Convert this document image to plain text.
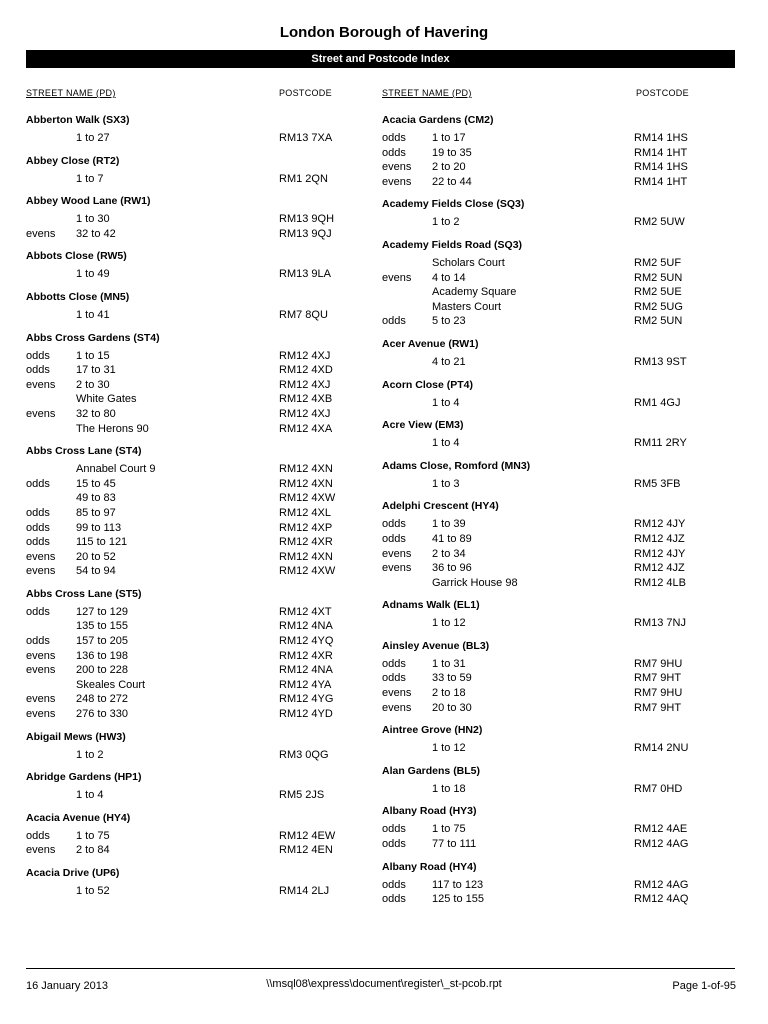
London Borough of Havering
Street and Postcode Index
STREET NAME (PD)	POSTCODE
Abberton Walk (SX3)
1 to 27	RM13 7XA
Abbey Close (RT2)
1 to 7	RM1 2QN
Abbey Wood Lane (RW1)
1 to 30	RM13 9QH
evens 32 to 42	RM13 9QJ
Abbots Close (RW5)
1 to 49	RM13 9LA
Abbotts Close (MN5)
1 to 41	RM7 8QU
Abbs Cross Gardens (ST4)
odds 1 to 15	RM12 4XJ
odds 17 to 31	RM12 4XD
evens 2 to 30	RM12 4XJ
White Gates	RM12 4XB
evens 32 to 80	RM12 4XJ
The Herons 90	RM12 4XA
Abbs Cross Lane (ST4)
Annabel Court 9	RM12 4XN
odds 15 to 45	RM12 4XN
49 to 83	RM12 4XW
odds 85 to 97	RM12 4XL
odds 99 to 113	RM12 4XP
odds 115 to 121	RM12 4XR
evens 20 to 52	RM12 4XN
evens 54 to 94	RM12 4XW
Abbs Cross Lane (ST5)
odds 127 to 129	RM12 4XT
135 to 155	RM12 4NA
odds 157 to 205	RM12 4YQ
evens 136 to 198	RM12 4XR
evens 200 to 228	RM12 4NA
Skeales Court	RM12 4YA
evens 248 to 272	RM12 4YG
evens 276 to 330	RM12 4YD
Abigail Mews (HW3)
1 to 2	RM3 0QG
Abridge Gardens (HP1)
1 to 4	RM5 2JS
Acacia Avenue (HY4)
odds 1 to 75	RM12 4EW
evens 2 to 84	RM12 4EN
Acacia Drive (UP6)
1 to 52	RM14 2LJ
STREET NAME (PD)	POSTCODE
Acacia Gardens (CM2)
odds 1 to 17	RM14 1HS
odds 19 to 35	RM14 1HT
evens 2 to 20	RM14 1HS
evens 22 to 44	RM14 1HT
Academy Fields Close (SQ3)
1 to 2	RM2 5UW
Academy Fields Road (SQ3)
Scholars Court	RM2 5UF
evens 4 to 14	RM2 5UN
Academy Square	RM2 5UE
Masters Court	RM2 5UG
odds 5 to 23	RM2 5UN
Acer Avenue (RW1)
4 to 21	RM13 9ST
Acorn Close (PT4)
1 to 4	RM1 4GJ
Acre View (EM3)
1 to 4	RM11 2RY
Adams Close, Romford (MN3)
1 to 3	RM5 3FB
Adelphi Crescent (HY4)
odds 1 to 39	RM12 4JY
odds 41 to 89	RM12 4JZ
evens 2 to 34	RM12 4JY
evens 36 to 96	RM12 4JZ
Garrick House 98	RM12 4LB
Adnams Walk (EL1)
1 to 12	RM13 7NJ
Ainsley Avenue (BL3)
odds 1 to 31	RM7 9HU
odds 33 to 59	RM7 9HT
evens 2 to 18	RM7 9HU
evens 20 to 30	RM7 9HT
Aintree Grove (HN2)
1 to 12	RM14 2NU
Alan Gardens (BL5)
1 to 18	RM7 0HD
Albany Road (HY3)
odds 1 to 75	RM12 4AE
odds 77 to 111	RM12 4AG
Albany Road (HY4)
odds 117 to 123	RM12 4AG
odds 125 to 155	RM12 4AQ
16 January 2013	\\msql08\express\document\register\_st-pcob.rpt	Page 1-of-95
